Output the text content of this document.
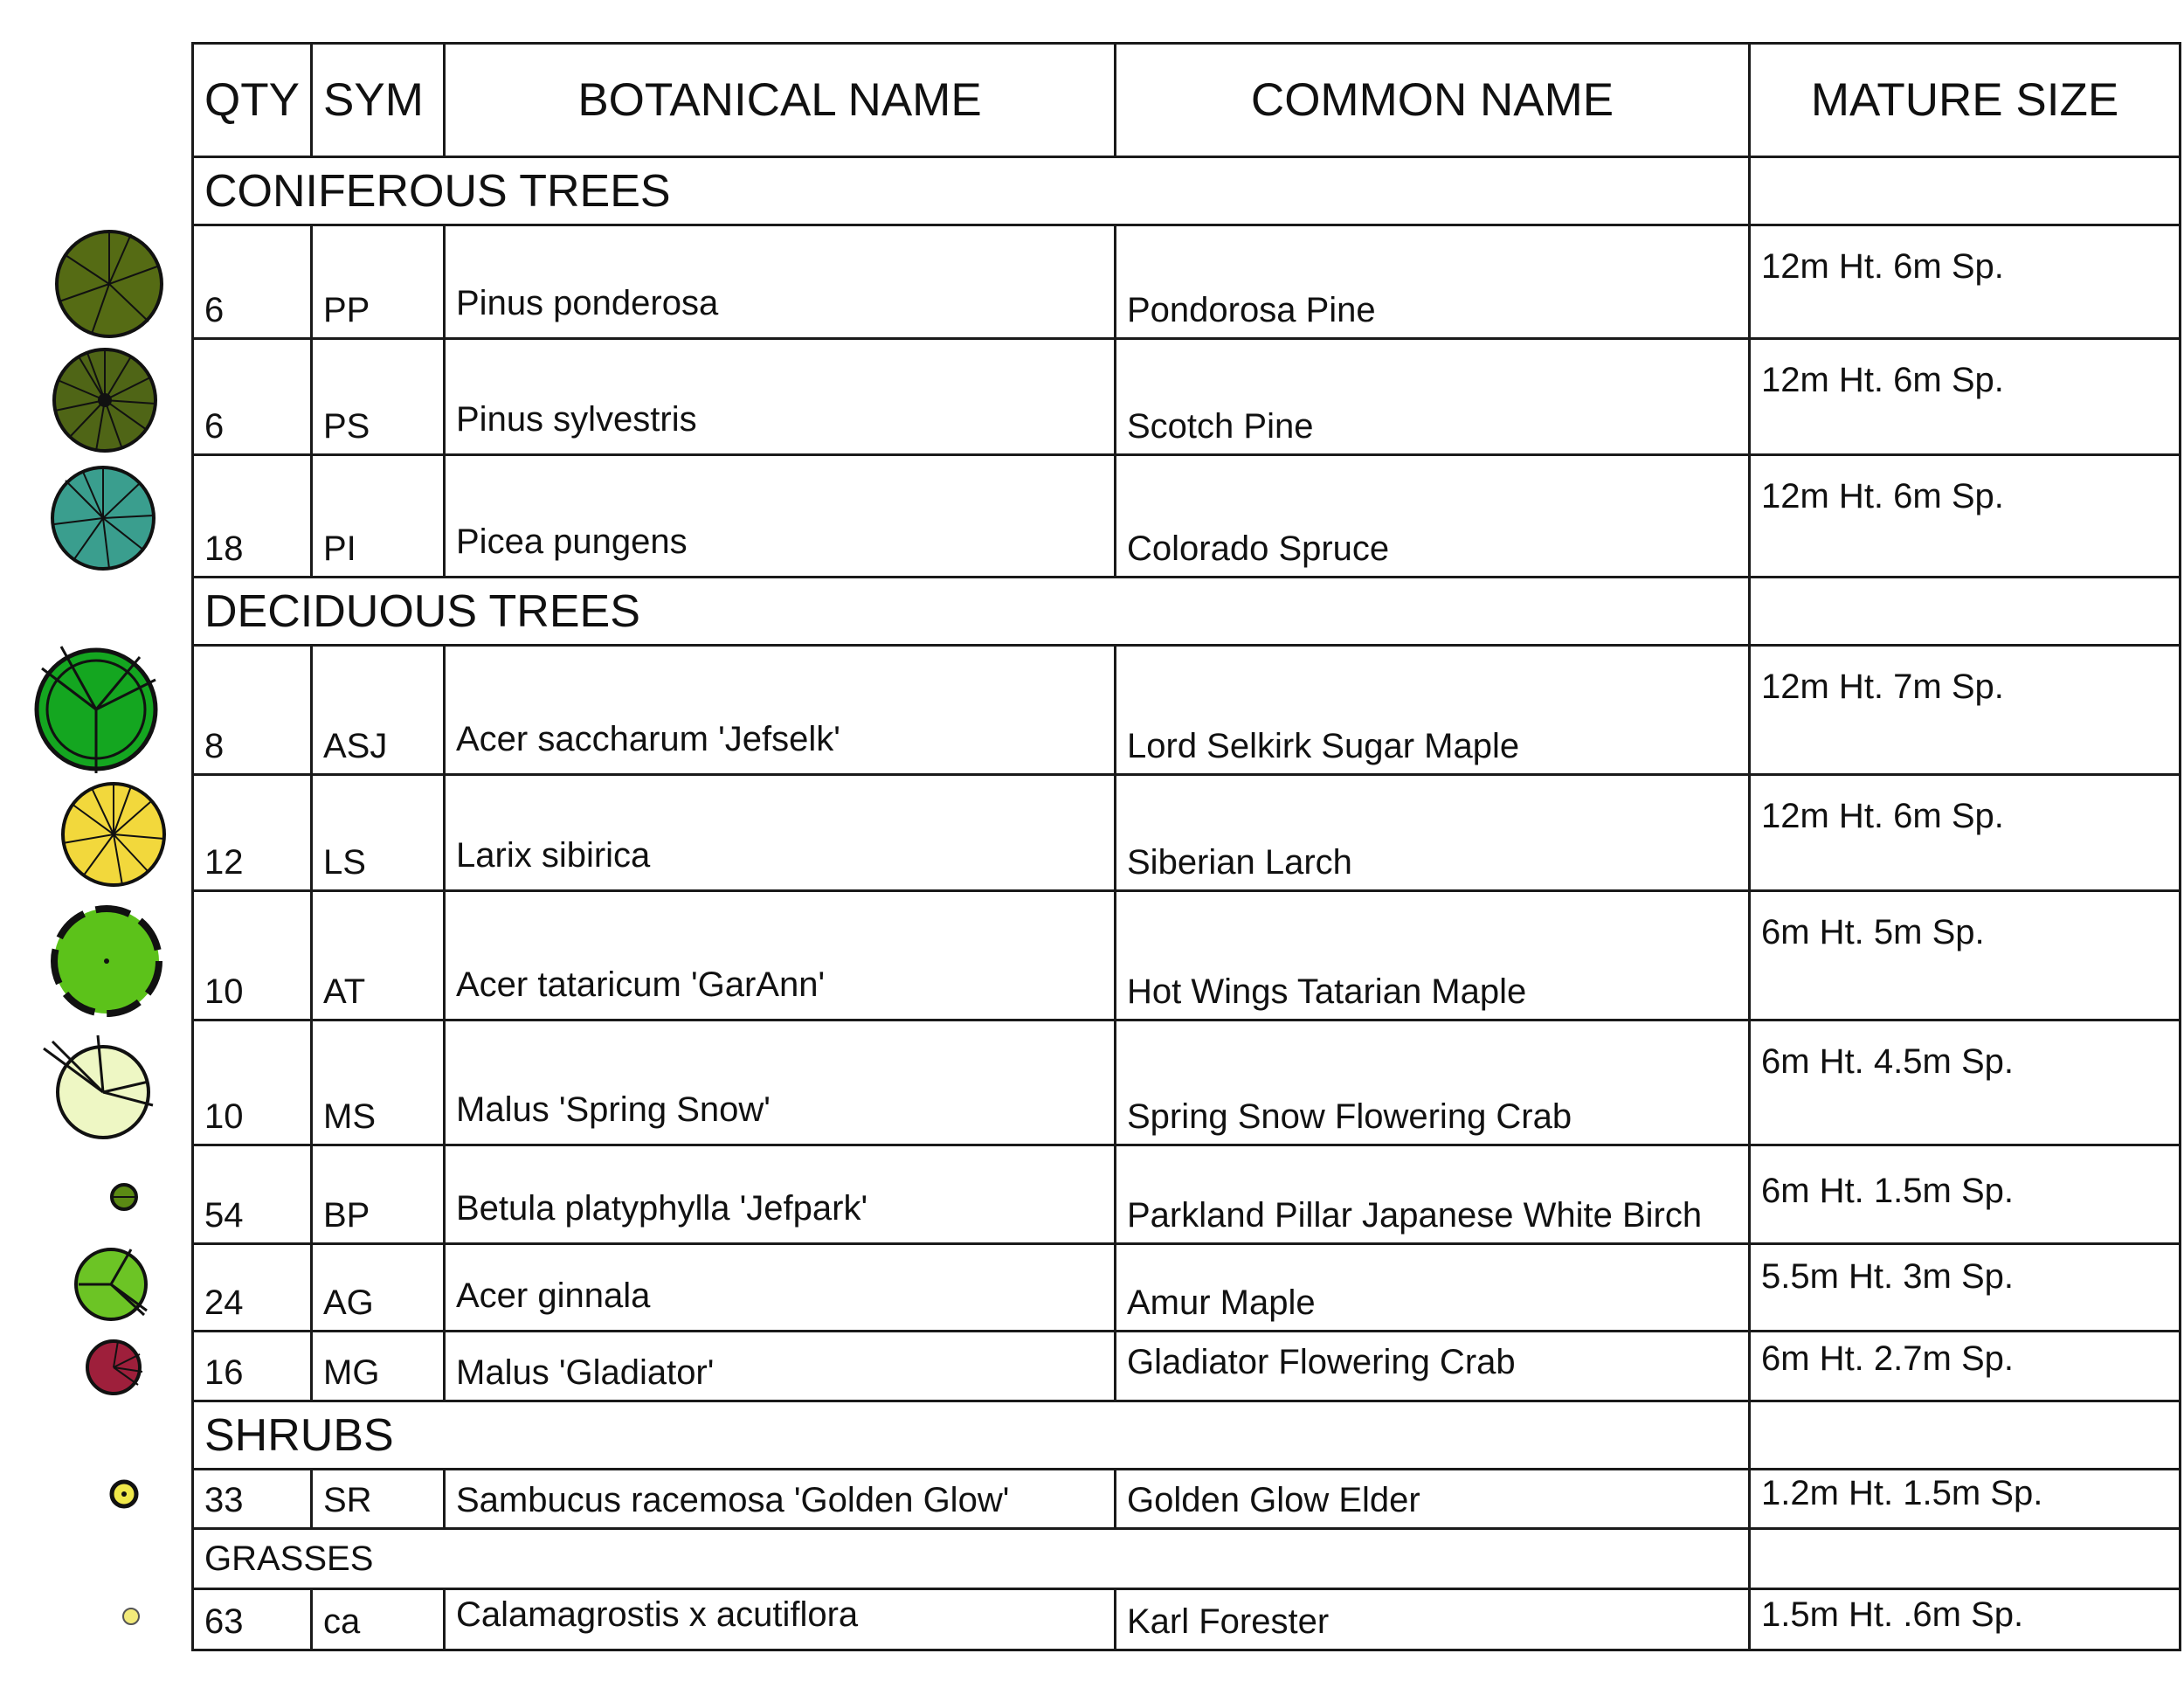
QTY	SYM	BOTANICAL NAME	COMMON NAME	MATURE SIZE
CONIFEROUS TREES				
6	PP	Pinus ponderosa	Pondorosa Pine	12m Ht. 6m Sp.
6	PS	Pinus sylvestris	Scotch Pine	12m Ht. 6m Sp.
18	PI	Picea pungens	Colorado Spruce	12m Ht. 6m Sp.
DECIDUOUS TREES				
8	ASJ	Acer saccharum 'Jefselk'	Lord Selkirk Sugar Maple	12m Ht. 7m Sp.
12	LS	Larix sibirica	Siberian Larch	12m Ht. 6m Sp.
10	AT	Acer tataricum 'GarAnn'	Hot Wings Tatarian Maple	6m Ht. 5m Sp.
10	MS	Malus 'Spring Snow'	Spring Snow Flowering Crab	6m Ht. 4.5m Sp.
54	BP	Betula platyphylla 'Jefpark'	Parkland Pillar Japanese White Birch	6m Ht. 1.5m Sp.
24	AG	Acer ginnala	Amur Maple	5.5m Ht. 3m Sp.
16	MG	Malus 'Gladiator'	Gladiator Flowering Crab	6m Ht. 2.7m Sp.
SHRUBS				
33	SR	Sambucus racemosa 'Golden Glow'	Golden Glow Elder	1.2m Ht. 1.5m Sp.
GRASSES				
63	ca	Calamagrostis x acutiflora	Karl Forester	1.5m Ht. .6m Sp.
